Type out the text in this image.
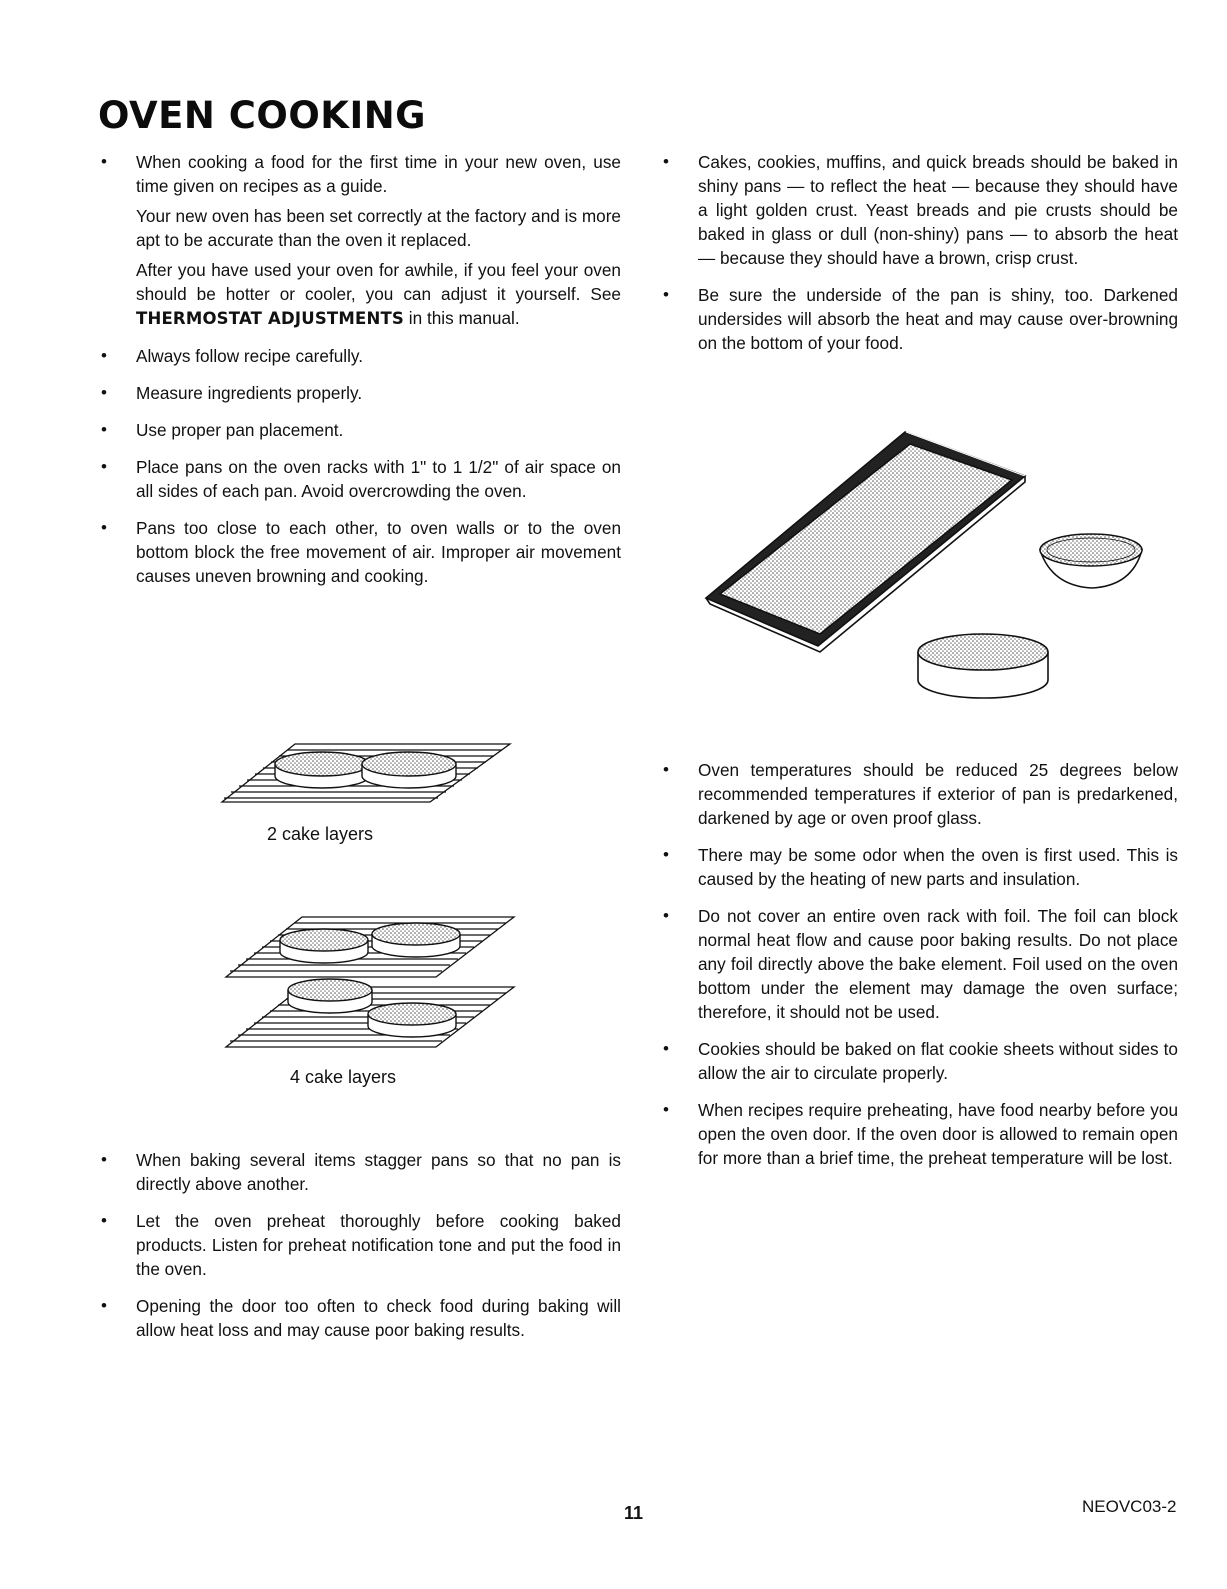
OVEN COOKING
• When cooking a food for the first time in your new oven, use time given on recipes as a guide.

Your new oven has been set correctly at the factory and is more apt to be accurate than the oven it replaced.

After you have used your oven for awhile, if you feel your oven should be hotter or cooler, you can adjust it yourself. See THERMOSTAT ADJUSTMENTS in this manual.

• Always follow recipe carefully.

• Measure ingredients properly.

• Use proper pan placement.

• Place pans on the oven racks with 1" to 1 1/2" of air space on all sides of each pan. Avoid overcrowding the oven.

• Pans too close to each other, to oven walls or to the oven bottom block the free movement of air. Improper air movement causes uneven browning and cooking.

2 cake layers
4 cake layers
• When baking several items stagger pans so that no pan is directly above another.

• Let the oven preheat thoroughly before cooking baked products. Listen for preheat notification tone and put the food in the oven.

• Opening the door too often to check food during baking will allow heat loss and may cause poor baking results.

• Cakes, cookies, muffins, and quick breads should be baked in shiny pans — to reflect the heat — because they should have a light golden crust. Yeast breads and pie crusts should be baked in glass or dull (non-shiny) pans — to absorb the heat — because they should have a brown, crisp crust.

• Be sure the underside of the pan is shiny, too. Darkened undersides will absorb the heat and may cause over-browning on the bottom of your food.

• Oven temperatures should be reduced 25 degrees below recommended temperatures if exterior of pan is predarkened, darkened by age or oven proof glass.

• There may be some odor when the oven is first used. This is caused by the heating of new parts and insulation.

• Do not cover an entire oven rack with foil. The foil can block normal heat flow and cause poor baking results. Do not place any foil directly above the bake element. Foil used on the oven bottom under the element may damage the oven surface; therefore, it should not be used.

• Cookies should be baked on flat cookie sheets without sides to allow the air to circulate properly.

• When recipes require preheating, have food nearby before you open the oven door. If the oven door is allowed to remain open for more than a brief time, the preheat temperature will be lost.

11	NEOVC03-2
